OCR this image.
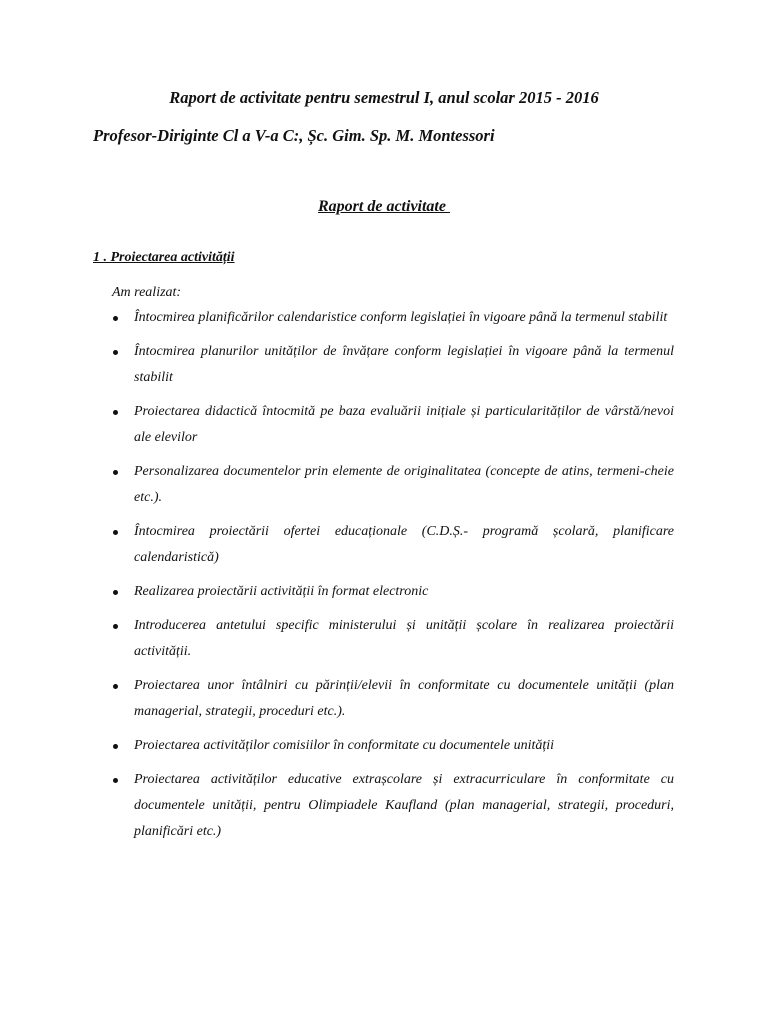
Raport de activitate pentru semestrul I, anul scolar 2015 - 2016
Profesor-Diriginte Cl a V-a C:, Șc. Gim. Sp. M. Montessori
Raport de activitate
1 . Proiectarea activității
Am realizat:
Întocmirea planificărilor calendaristice conform legislației în vigoare până la termenul stabilit
Întocmirea planurilor unităților de învățare conform legislației în vigoare până la termenul stabilit
Proiectarea didactică întocmită pe baza evaluării inițiale și particularităților de vârstă/nevoi ale elevilor
Personalizarea documentelor prin elemente de originalitatea (concepte de atins, termeni-cheie etc.).
Întocmirea proiectării ofertei educaționale (C.D.Ș.- programă școlară, planificare calendaristică)
Realizarea proiectării activității în format electronic
Introducerea antetului specific ministerului și unității școlare în realizarea proiectării activității.
Proiectarea unor întâlniri cu părinții/elevii în conformitate cu documentele unității (plan managerial, strategii, proceduri etc.).
Proiectarea activităților comisiilor în conformitate cu documentele unității
Proiectarea activităților educative extrașcolare și extracurriculare în conformitate cu documentele unității, pentru Olimpiadele Kaufland (plan managerial, strategii, proceduri, planificări etc.)
